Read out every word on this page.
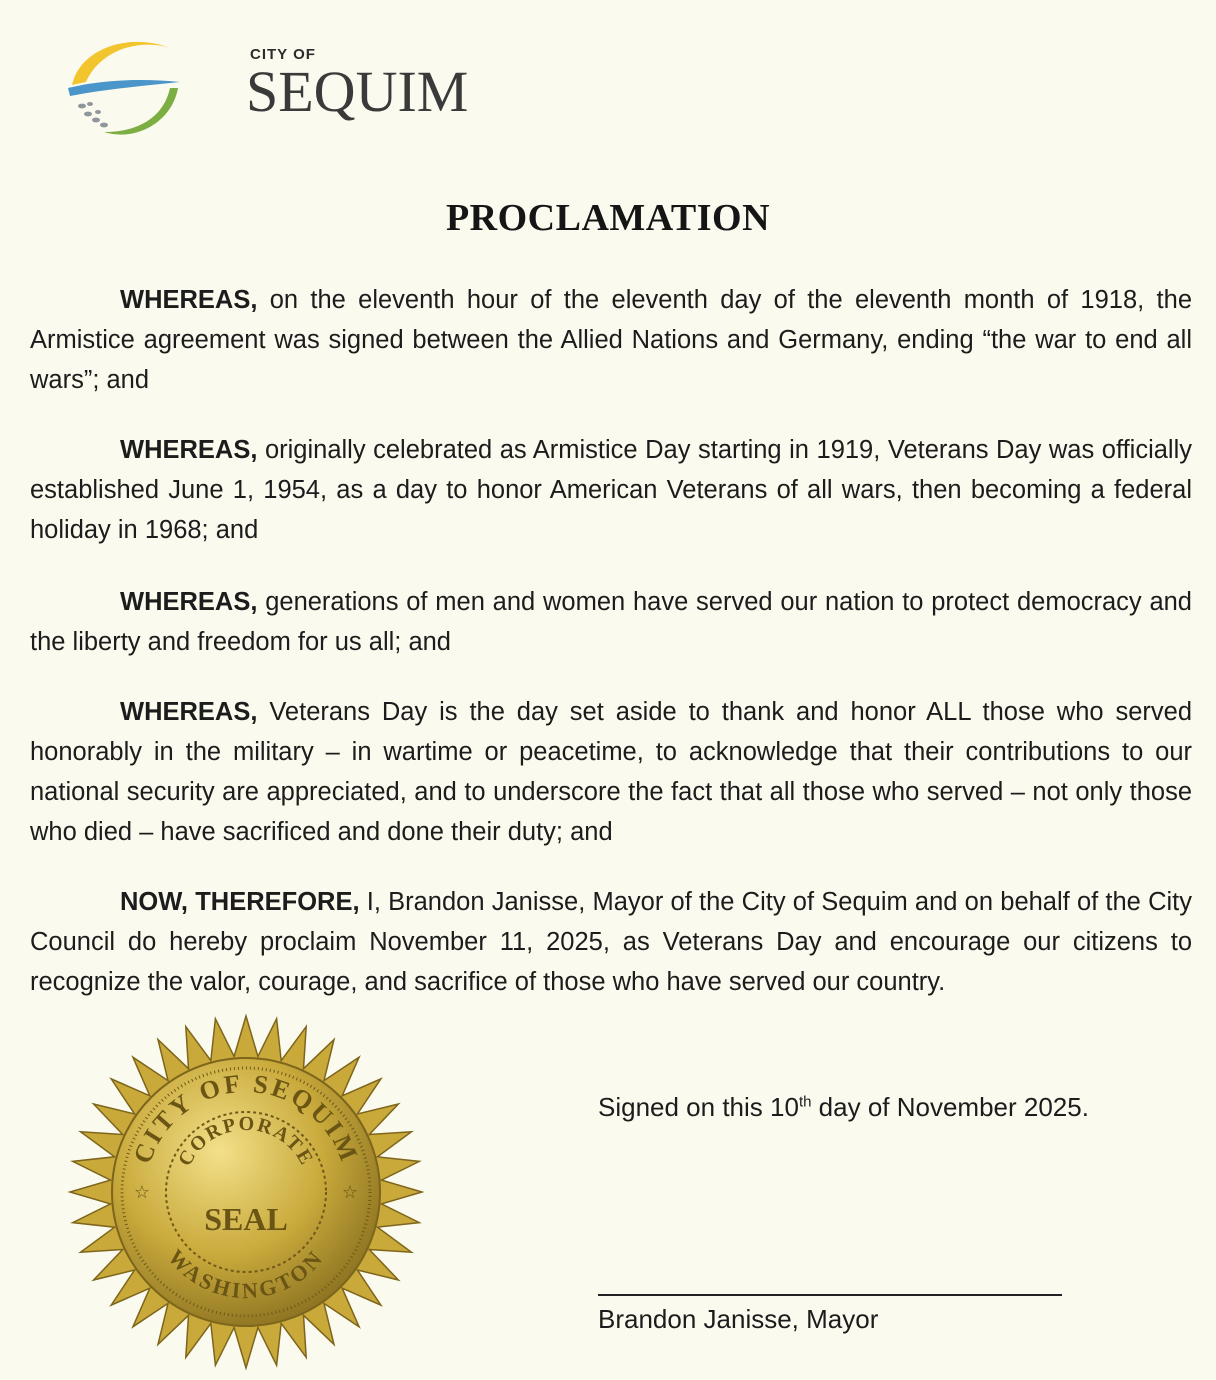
CITY OF
SEQUIM
PROCLAMATION

WHEREAS, on the eleventh hour of the eleventh day of the eleventh month of 1918, the Armistice agreement was signed between the Allied Nations and Germany, ending “the war to end all wars”; and

WHEREAS, originally celebrated as Armistice Day starting in 1919, Veterans Day was officially established June 1, 1954, as a day to honor American Veterans of all wars, then becoming a federal holiday in 1968; and

WHEREAS, generations of men and women have served our nation to protect democracy and the liberty and freedom for us all; and

WHEREAS, Veterans Day is the day set aside to thank and honor ALL those who served honorably in the military – in wartime or peacetime, to acknowledge that their contributions to our national security are appreciated, and to underscore the fact that all those who served – not only those who died – have sacrificed and done their duty; and

NOW, THEREFORE, I, Brandon Janisse, Mayor of the City of Sequim and on behalf of the City Council do hereby proclaim November 11, 2025, as Veterans Day and encourage our citizens to recognize the valor, courage, and sacrifice of those who have served our country.

CITY OF SEQUIM
CORPORATE
SEAL
WASHINGTON
☆	☆
Signed on this 10th day of November 2025.
Brandon Janisse, Mayor
